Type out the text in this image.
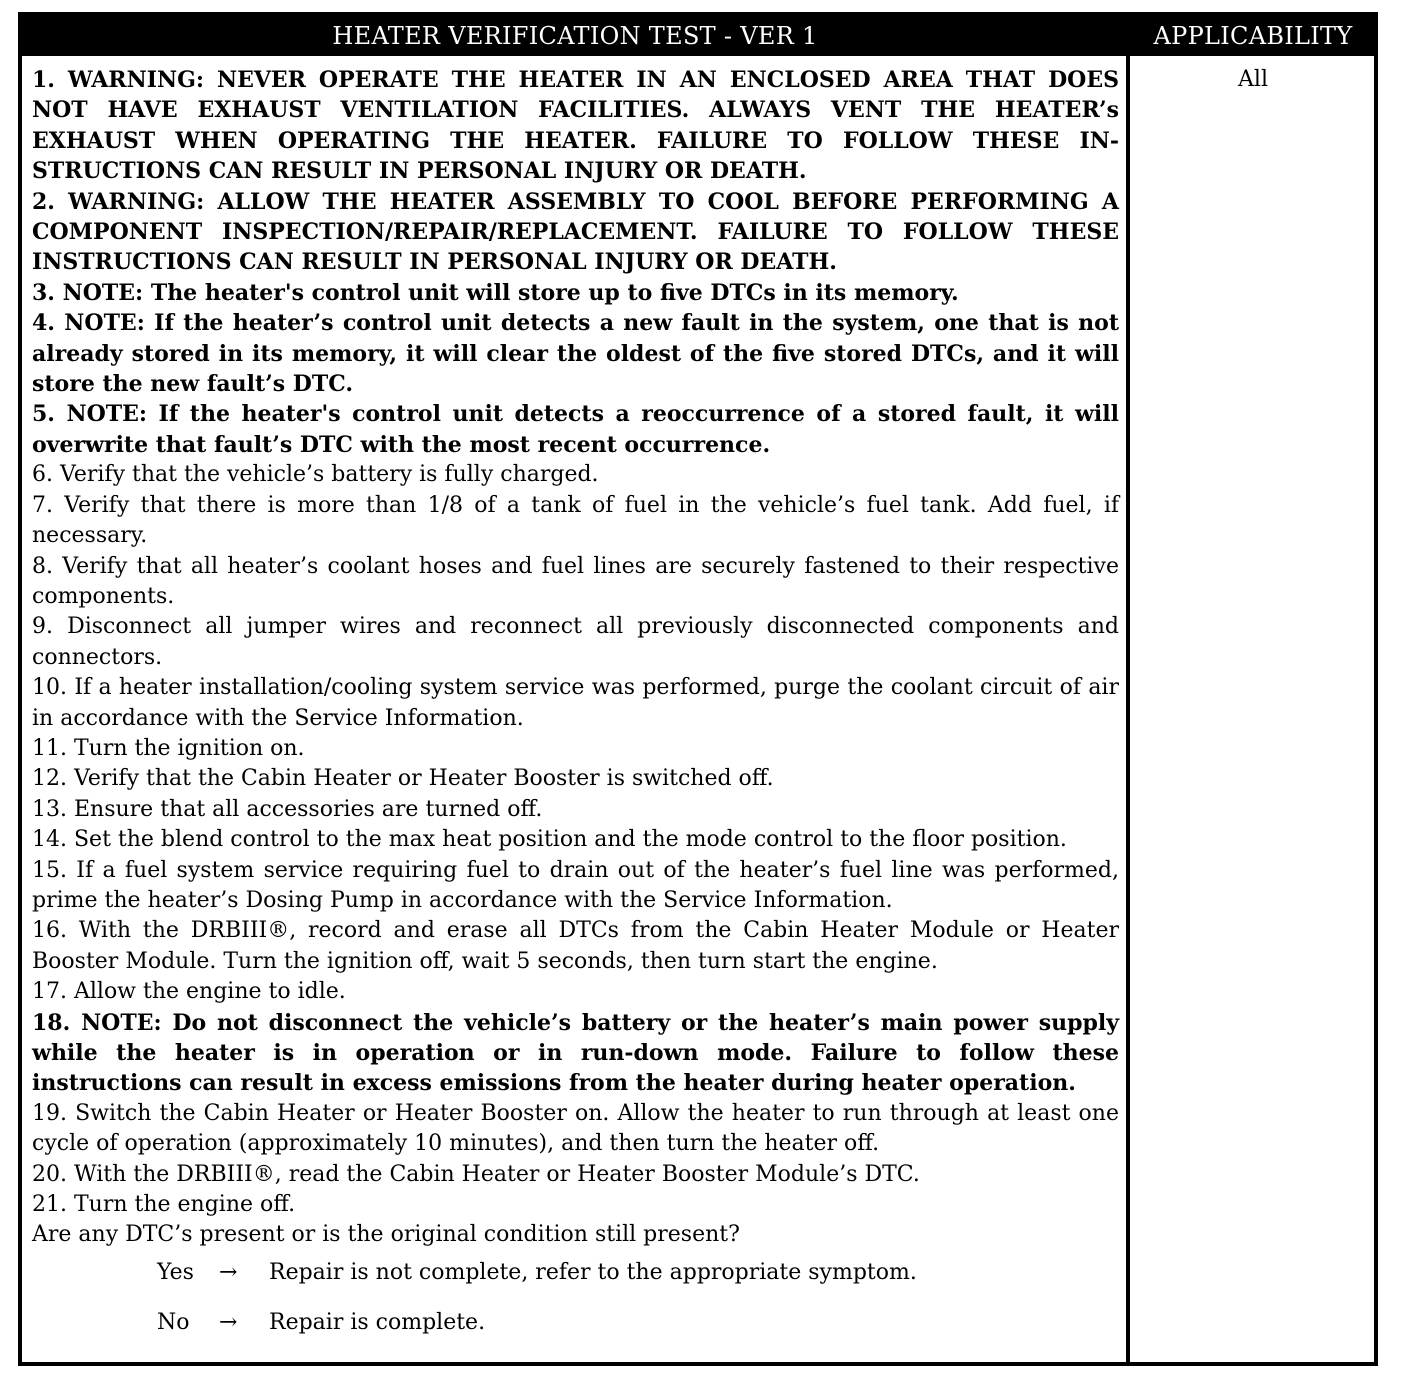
HEATER VERIFICATION TEST - VER 1	APPLICABILITY

1. WARNING: NEVER OPERATE THE HEATER IN AN ENCLOSED AREA THAT DOES NOT HAVE EXHAUST VENTILATION FACILITIES. ALWAYS VENT THE HEATER’s EXHAUST WHEN OPERATING THE HEATER. FAILURE TO FOLLOW THESE IN-STRUCTIONS CAN RESULT IN PERSONAL INJURY OR DEATH.

2. WARNING: ALLOW THE HEATER ASSEMBLY TO COOL BEFORE PERFORMING A COMPONENT INSPECTION/REPAIR/REPLACEMENT. FAILURE TO FOLLOW THESE INSTRUCTIONS CAN RESULT IN PERSONAL INJURY OR DEATH.

3. NOTE: The heater's control unit will store up to five DTCs in its memory.

4. NOTE: If the heater’s control unit detects a new fault in the system, one that is not already stored in its memory, it will clear the oldest of the five stored DTCs, and it will store the new fault’s DTC.

5. NOTE: If the heater's control unit detects a reoccurrence of a stored fault, it will overwrite that fault’s DTC with the most recent occurrence.

6. Verify that the vehicle’s battery is fully charged.

7. Verify that there is more than 1/8 of a tank of fuel in the vehicle’s fuel tank. Add fuel, if necessary.

8. Verify that all heater’s coolant hoses and fuel lines are securely fastened to their respective components.

9. Disconnect all jumper wires and reconnect all previously disconnected components and connectors.

10. If a heater installation/cooling system service was performed, purge the coolant circuit of air in accordance with the Service Information.

11. Turn the ignition on.

12. Verify that the Cabin Heater or Heater Booster is switched off.

13. Ensure that all accessories are turned off.

14. Set the blend control to the max heat position and the mode control to the floor position.

15. If a fuel system service requiring fuel to drain out of the heater’s fuel line was performed, prime the heater’s Dosing Pump in accordance with the Service Information.

16. With the DRBIII®, record and erase all DTCs from the Cabin Heater Module or Heater Booster Module. Turn the ignition off, wait 5 seconds, then turn start the engine.

17. Allow the engine to idle.

18. NOTE: Do not disconnect the vehicle’s battery or the heater’s main power supply while the heater is in operation or in run-down mode. Failure to follow these instructions can result in excess emissions from the heater during heater operation.

19. Switch the Cabin Heater or Heater Booster on. Allow the heater to run through at least one cycle of operation (approximately 10 minutes), and then turn the heater off.

20. With the DRBIII®, read the Cabin Heater or Heater Booster Module’s DTC.

21. Turn the engine off.

Are any DTC’s present or is the original condition still present?

All
Yes → Repair is not complete, refer to the appropriate symptom.
No → Repair is complete.
